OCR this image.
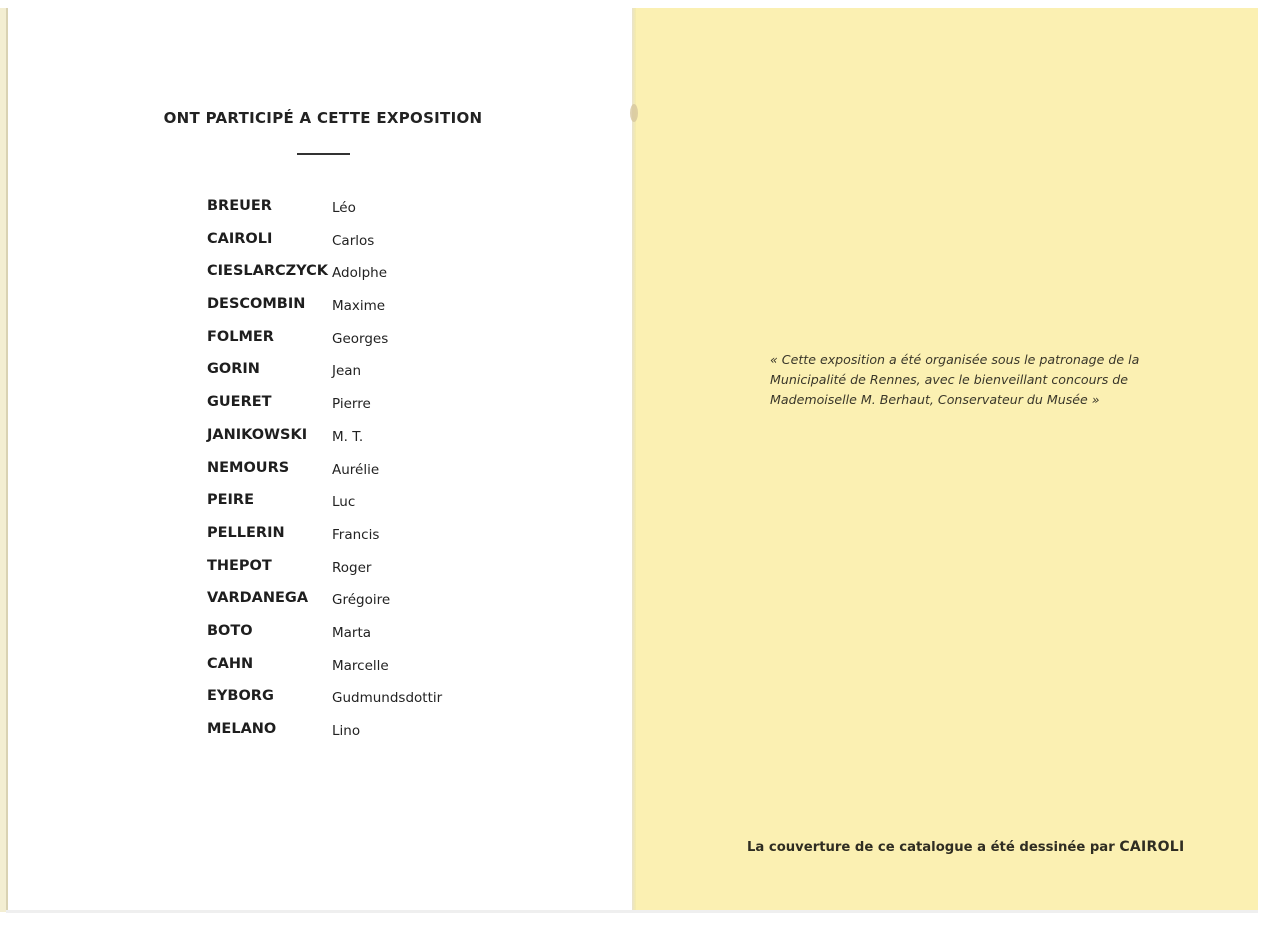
ONT PARTICIPÉ A CETTE EXPOSITION
BREUER	Léo
CAIROLI	Carlos
CIESLARCZYCK Adolphe
DESCOMBIN Maxime
FOLMER	Georges
GORIN	Jean
GUERET	Pierre
JANIKOWSKI M. T.
NEMOURS	Aurélie
PEIRE	Luc
PELLERIN	Francis
THEPOT	Roger
VARDANEGA Grégoire
BOTO	Marta
CAHN	Marcelle
EYBORG	Gudmundsdottir
MELANO	Lino
« Cette exposition a été organisée sous le patronage de la
Municipalité de Rennes, avec le bienveillant concours de
Mademoiselle M. Berhaut, Conservateur du Musée »
La couverture de ce catalogue a été dessinée par CAIROLI
